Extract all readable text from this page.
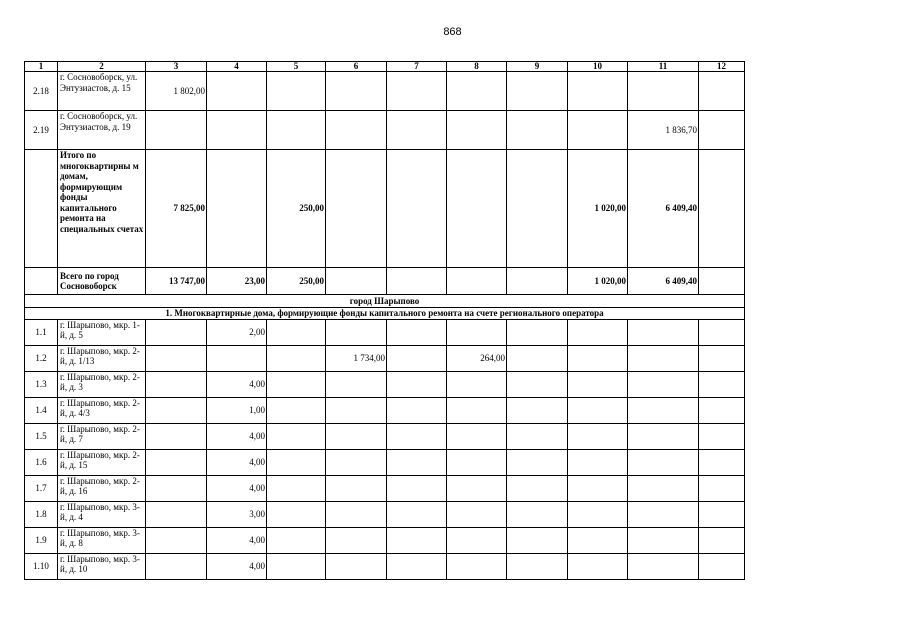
868
1	2	3	4	5	6	7	8	9	10	11	12
2.18	г. Сосновоборск, ул. Энтузиастов, д. 15	1 802,00									
2.19	г. Сосновоборск, ул. Энтузиастов, д. 19									1 836,70	
	Итого по многоквартирны м домам, формирующим фонды капитального ремонта на специальных счетах	7 825,00		250,00					1 020,00	6 409,40	
	Всего по город Сосновоборск	13 747,00	23,00	250,00					1 020,00	6 409,40	
город Шарыпово											
1. Многоквартирные дома, формирующие фонды капитального ремонта на счете регионального оператора											
1.1	г. Шарыпово, мкр. 1-й, д. 5		2,00								
1.2	г. Шарыпово, мкр. 2-й, д. 1/13				1 734,00		264,00				
1.3	г. Шарыпово, мкр. 2-й, д. 3		4,00								
1.4	г. Шарыпово, мкр. 2-й, д. 4/3		1,00								
1.5	г. Шарыпово, мкр. 2-й, д. 7		4,00								
1.6	г. Шарыпово, мкр. 2-й, д. 15		4,00								
1.7	г. Шарыпово, мкр. 2-й, д. 16		4,00								
1.8	г. Шарыпово, мкр. 3-й, д. 4		3,00								
1.9	г. Шарыпово, мкр. 3-й, д. 8		4,00								
1.10	г. Шарыпово, мкр. 3-й, д. 10		4,00								
